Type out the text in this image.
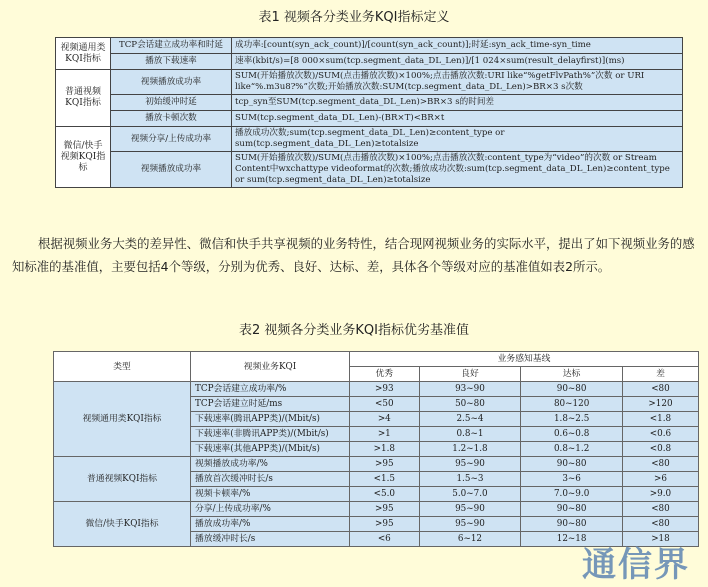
表1 视频各分类业务KQI指标定义
视频通用类KQI指标	TCP会话建立成功率和时延	成功率:[count(syn_ack_count)]/[count(syn_ack_count)];时延:syn_ack_time-syn_time
	播放下载速率	速率(kbit/s)=[8 000×sum(tcp.segment_data_DL_Len)]/[1 024×sum(result_delayfirst)](ms)
普通视频KQI指标	视频播放成功率	SUM(开始播放次数)/SUM(点击播放次数)×100%;点击播放次数:URI like“%getFlvPath%”次数 or URI like“%.m3u8?%”次数;开始播放次数:SUM(tcp.segment_data_DL_Len)>BR×3 s次数
	初始缓冲时延	tcp_syn至SUM(tcp.segment_data_DL_Len)>BR×3 s的时间差
	播放卡顿次数	SUM(tcp.segment_data_DL_Len)-(BR×T)<BR×t
微信/快手视频KQI指标	视频分享/上传成功率	播放成功次数;sum(tcp.segment_data_DL_Len)≥content_type or sum(tcp.segment_data_DL_Len)≥totalsize
	视频播放成功率	SUM(开始播放次数)/SUM(点击播放次数)×100%;点击播放次数:content_type为“video”的次数 or Stream Content中wxchattype videoformat的次数;播放成功次数:sum(tcp.segment_data_DL_Len)≥content_type or sum(tcp.segment_data_DL_Len)≥totalsize
根据视频业务大类的差异性、微信和快手共享视频的业务特性，结合现网视频业务的实际水平，提出了如下视频业务的感知标准的基准值，主要包括4个等级，分别为优秀、良好、达标、差，具体各个等级对应的基准值如表2所示。
表2 视频各分类业务KQI指标优劣基准值
类型	视频业务KQI	业务感知基线			
		优秀	良好	达标	差
视频通用类KQI指标	TCP会话建立成功率/%	>93	93~90	90~80	<80
	TCP会话建立时延/ms	<50	50~80	80~120	>120
	下载速率(腾讯APP类)/(Mbit/s)	>4	2.5~4	1.8~2.5	<1.8
	下载速率(非腾讯APP类)/(Mbit/s)	>1	0.8~1	0.6~0.8	<0.6
	下载速率(其他APP类)/(Mbit/s)	>1.8	1.2~1.8	0.8~1.2	<0.8
普通视频KQI指标	视频播放成功率/%	>95	95~90	90~80	<80
	播放首次缓冲时长/s	<1.5	1.5~3	3~6	>6
	视频卡顿率/%	<5.0	5.0~7.0	7.0~9.0	>9.0
微信/快手KQI指标	分享/上传成功率/%	>95	95~90	90~80	<80
	播放成功率/%	>95	95~90	90~80	<80
	播放缓冲时长/s	<6	6~12	12~18	>18
通信界
